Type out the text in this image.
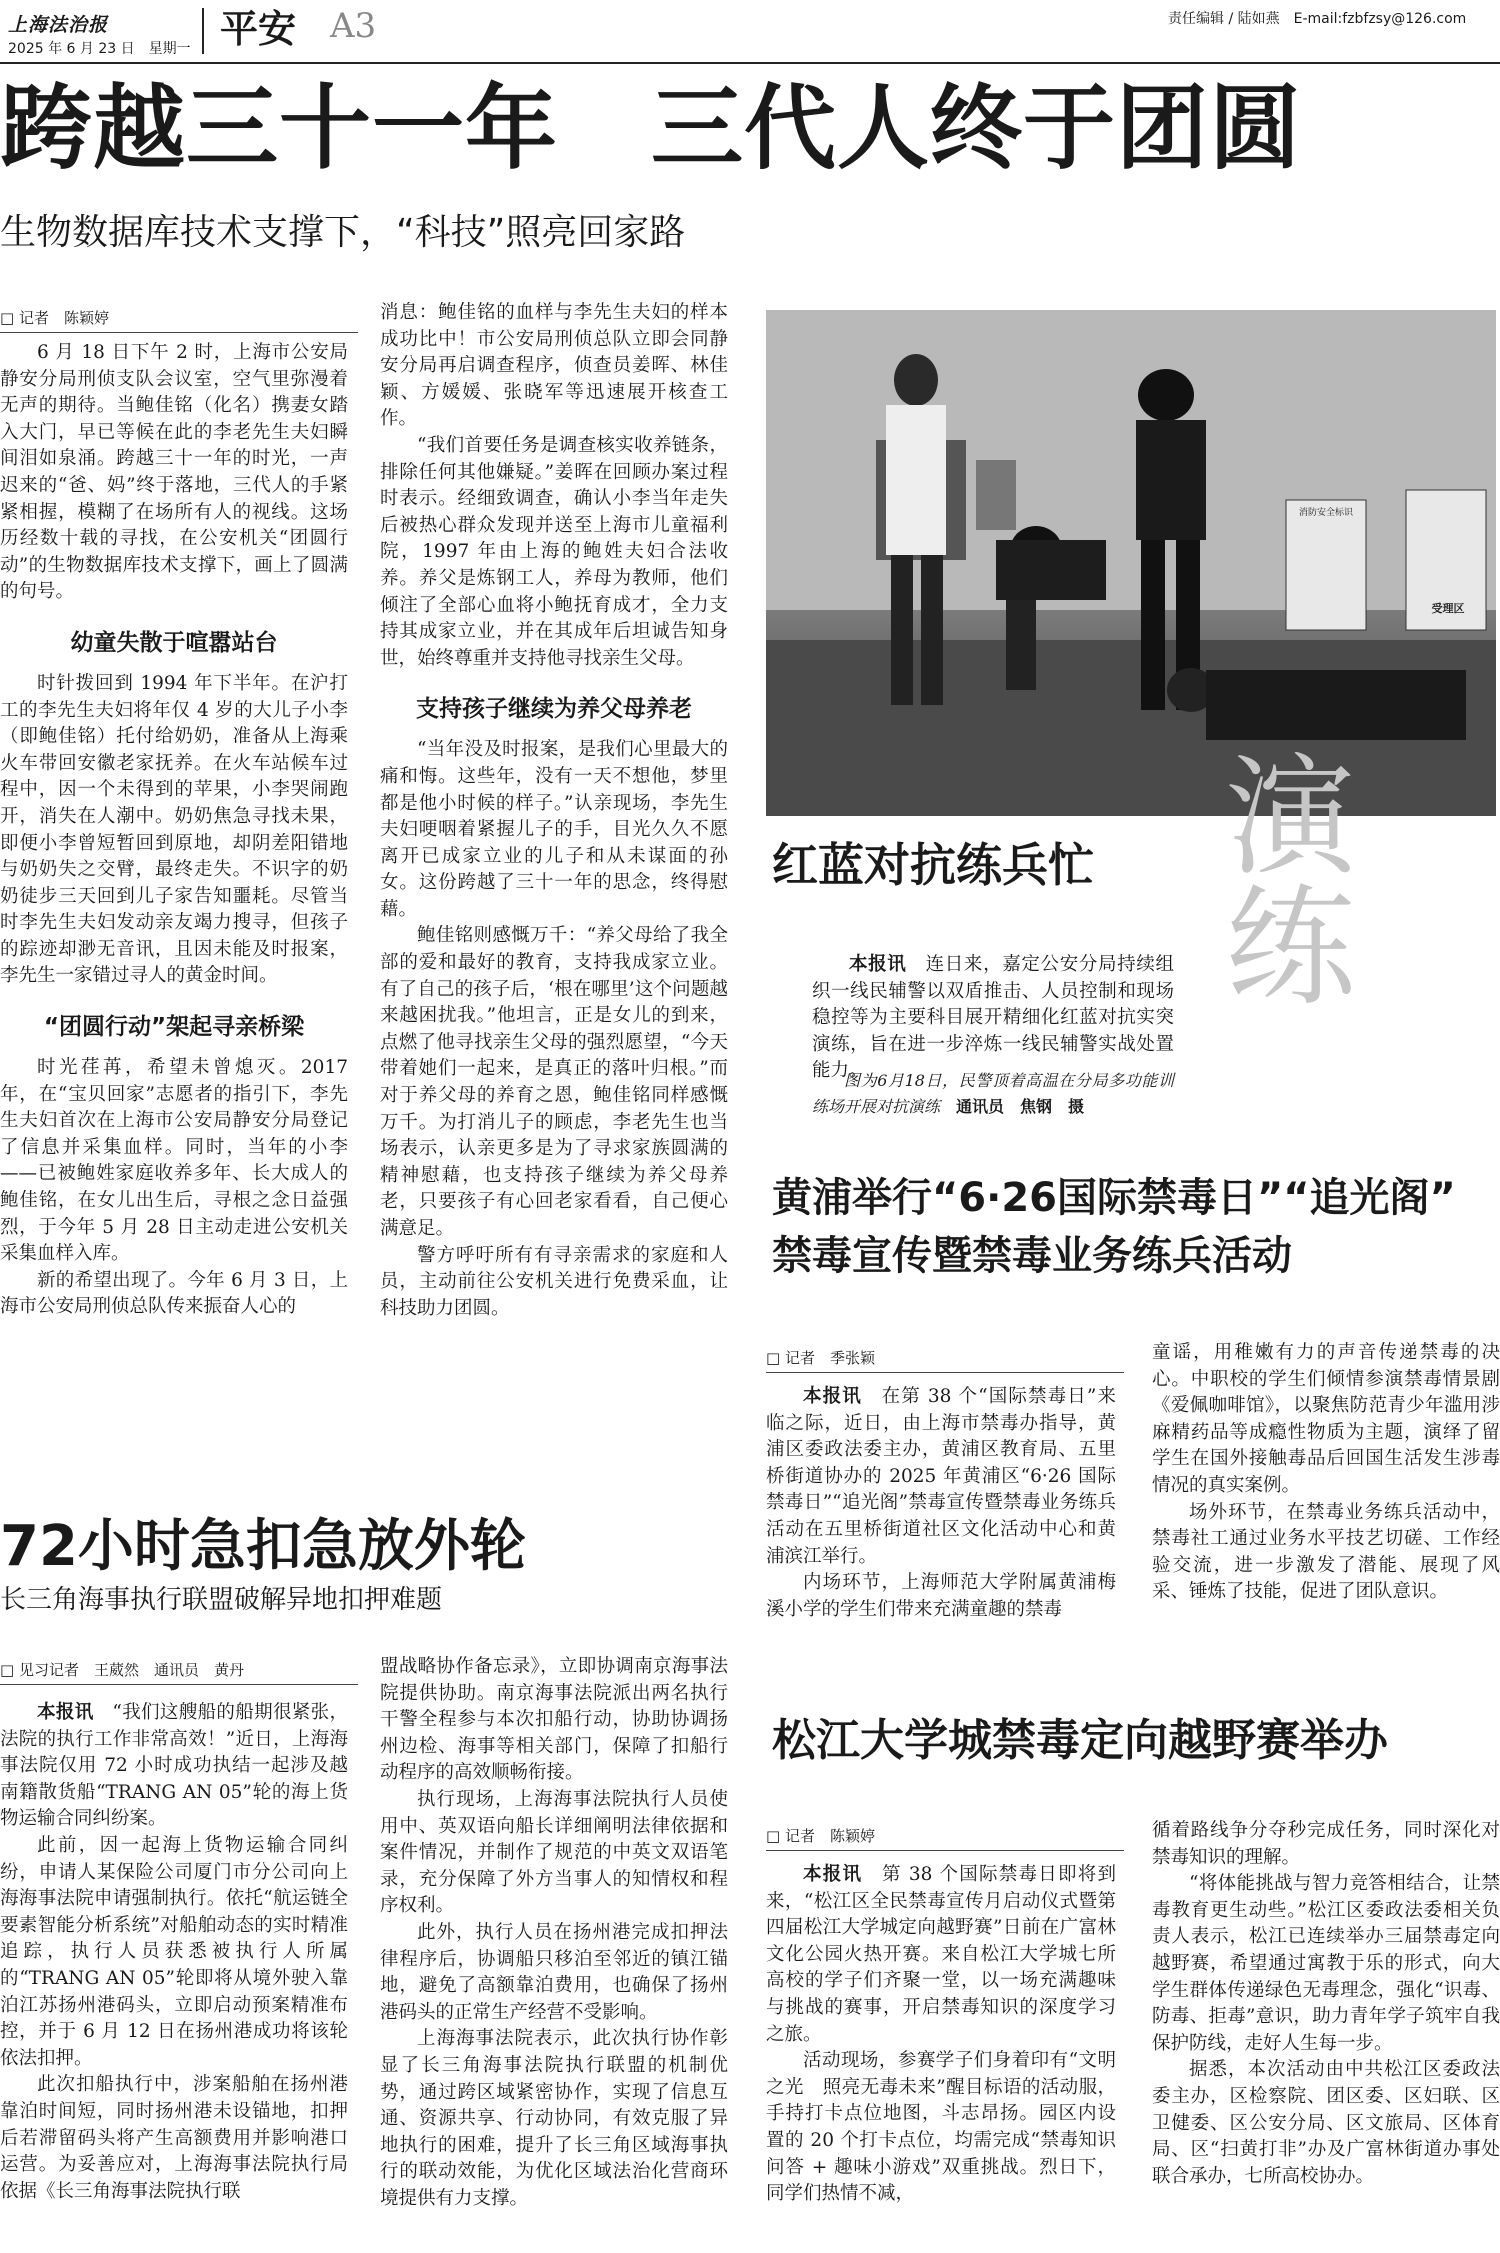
上海法治报
2025 年 6 月 23 日　星期一 平安 A3	责任编辑 / 陆如燕　E-mail:fzbfzsy@126.com
跨越三十一年　三代人终于团圆
生物数据库技术支撑下，“科技”照亮回家路
□ 记者　陈颖婷

6 月 18 日下午 2 时，上海市公安局静安分局刑侦支队会议室，空气里弥漫着无声的期待。当鲍佳铭（化名）携妻女踏入大门，早已等候在此的李老先生夫妇瞬间泪如泉涌。跨越三十一年的时光，一声迟来的“爸、妈”终于落地，三代人的手紧紧相握，模糊了在场所有人的视线。这场历经数十载的寻找，在公安机关“团圆行动”的生物数据库技术支撑下，画上了圆满的句号。

幼童失散于喧嚣站台

时针拨回到 1994 年下半年。在沪打工的李先生夫妇将年仅 4 岁的大儿子小李（即鲍佳铭）托付给奶奶，准备从上海乘火车带回安徽老家抚养。在火车站候车过程中，因一个未得到的苹果，小李哭闹跑开，消失在人潮中。奶奶焦急寻找未果，即便小李曾短暂回到原地，却阴差阳错地与奶奶失之交臂，最终走失。不识字的奶奶徒步三天回到儿子家告知噩耗。尽管当时李先生夫妇发动亲友竭力搜寻，但孩子的踪迹却渺无音讯，且因未能及时报案，李先生一家错过寻人的黄金时间。

“团圆行动”架起寻亲桥梁

时光荏苒，希望未曾熄灭。2017 年，在“宝贝回家”志愿者的指引下，李先生夫妇首次在上海市公安局静安分局登记了信息并采集血样。同时，当年的小李——已被鲍姓家庭收养多年、长大成人的鲍佳铭，在女儿出生后，寻根之念日益强烈，于今年 5 月 28 日主动走进公安机关采集血样入库。

新的希望出现了。今年 6 月 3 日，上海市公安局刑侦总队传来振奋人心的

消息：鲍佳铭的血样与李先生夫妇的样本成功比中！市公安局刑侦总队立即会同静安分局再启调查程序，侦查员姜晖、林佳颖、方媛媛、张晓军等迅速展开核查工作。

“我们首要任务是调查核实收养链条，排除任何其他嫌疑。”姜晖在回顾办案过程时表示。经细致调查，确认小李当年走失后被热心群众发现并送至上海市儿童福利院，1997 年由上海的鲍姓夫妇合法收养。养父是炼钢工人，养母为教师，他们倾注了全部心血将小鲍抚育成才，全力支持其成家立业，并在其成年后坦诚告知身世，始终尊重并支持他寻找亲生父母。

支持孩子继续为养父母养老

“当年没及时报案，是我们心里最大的痛和悔。这些年，没有一天不想他，梦里都是他小时候的样子。”认亲现场，李先生夫妇哽咽着紧握儿子的手，目光久久不愿离开已成家立业的儿子和从未谋面的孙女。这份跨越了三十一年的思念，终得慰藉。

鲍佳铭则感慨万千：“养父母给了我全部的爱和最好的教育，支持我成家立业。有了自己的孩子后，‘根在哪里’这个问题越来越困扰我。”他坦言，正是女儿的到来，点燃了他寻找亲生父母的强烈愿望，“今天带着她们一起来，是真正的落叶归根。”而对于养父母的养育之恩，鲍佳铭同样感慨万千。为打消儿子的顾虑，李老先生也当场表示，认亲更多是为了寻求家族圆满的精神慰藉，也支持孩子继续为养父母养老，只要孩子有心回老家看看，自己便心满意足。

警方呼吁所有有寻亲需求的家庭和人员，主动前往公安机关进行免费采血，让科技助力团圆。

消防安全标识
受理区
演练
红蓝对抗练兵忙
本报讯　 连日来，嘉定公安分局持续组织一线民辅警以双盾推击、人员控制和现场稳控等为主要科目展开精细化红蓝对抗实突演练，旨在进一步淬炼一线民辅警实战处置能力。
图为6月18日，民警顶着高温在分局多功能训练场开展对抗演练　 通讯员　焦钢　摄
黄浦举行“6·26国际禁毒日”“追光阁”
禁毒宣传暨禁毒业务练兵活动
□ 记者　季张颖

本报讯　 在第 38 个“国际禁毒日”来临之际，近日，由上海市禁毒办指导，黄浦区委政法委主办，黄浦区教育局、五里桥街道协办的 2025 年黄浦区“6·26 国际禁毒日”“追光阁”禁毒宣传暨禁毒业务练兵活动在五里桥街道社区文化活动中心和黄浦滨江举行。

内场环节，上海师范大学附属黄浦梅溪小学的学生们带来充满童趣的禁毒

童谣，用稚嫩有力的声音传递禁毒的决心。中职校的学生们倾情参演禁毒情景剧《爱佩咖啡馆》，以聚焦防范青少年滥用涉麻精药品等成瘾性物质为主题，演绎了留学生在国外接触毒品后回国生活发生涉毒情况的真实案例。

场外环节，在禁毒业务练兵活动中，禁毒社工通过业务水平技艺切磋、工作经验交流，进一步激发了潜能、展现了风采、锤炼了技能，促进了团队意识。

72小时急扣急放外轮
长三角海事执行联盟破解异地扣押难题
□ 见习记者　王葳然　通讯员　黄丹

本报讯　 “我们这艘船的船期很紧张，法院的执行工作非常高效！”近日，上海海事法院仅用 72 小时成功执结一起涉及越南籍散货船“TRANG AN 05”轮的海上货物运输合同纠纷案。

此前，因一起海上货物运输合同纠纷，申请人某保险公司厦门市分公司向上海海事法院申请强制执行。依托“航运链全要素智能分析系统”对船舶动态的实时精准追踪，执行人员获悉被执行人所属的“TRANG AN 05”轮即将从境外驶入靠泊江苏扬州港码头，立即启动预案精准布控，并于 6 月 12 日在扬州港成功将该轮依法扣押。

此次扣船执行中，涉案船舶在扬州港靠泊时间短，同时扬州港未设锚地，扣押后若滞留码头将产生高额费用并影响港口运营。为妥善应对，上海海事法院执行局依据《长三角海事法院执行联

盟战略协作备忘录》，立即协调南京海事法院提供协助。南京海事法院派出两名执行干警全程参与本次扣船行动，协助协调扬州边检、海事等相关部门，保障了扣船行动程序的高效顺畅衔接。

执行现场，上海海事法院执行人员使用中、英双语向船长详细阐明法律依据和案件情况，并制作了规范的中英文双语笔录，充分保障了外方当事人的知情权和程序权利。

此外，执行人员在扬州港完成扣押法律程序后，协调船只移泊至邻近的镇江锚地，避免了高额靠泊费用，也确保了扬州港码头的正常生产经营不受影响。

上海海事法院表示，此次执行协作彰显了长三角海事法院执行联盟的机制优势，通过跨区域紧密协作，实现了信息互通、资源共享、行动协同，有效克服了异地执行的困难，提升了长三角区域海事执行的联动效能，为优化区域法治化营商环境提供有力支撑。

松江大学城禁毒定向越野赛举办
□ 记者　陈颖婷

本报讯　 第 38 个国际禁毒日即将到来，“松江区全民禁毒宣传月启动仪式暨第四届松江大学城定向越野赛”日前在广富林文化公园火热开赛。来自松江大学城七所高校的学子们齐聚一堂，以一场充满趣味与挑战的赛事，开启禁毒知识的深度学习之旅。

活动现场，参赛学子们身着印有“文明之光　照亮无毒未来”醒目标语的活动服，手持打卡点位地图，斗志昂扬。园区内设置的 20 个打卡点位，均需完成“禁毒知识问答 + 趣味小游戏”双重挑战。烈日下，同学们热情不减，

循着路线争分夺秒完成任务，同时深化对禁毒知识的理解。

“将体能挑战与智力竞答相结合，让禁毒教育更生动些。”松江区委政法委相关负责人表示，松江已连续举办三届禁毒定向越野赛，希望通过寓教于乐的形式，向大学生群体传递绿色无毒理念，强化“识毒、防毒、拒毒”意识，助力青年学子筑牢自我保护防线，走好人生每一步。

据悉，本次活动由中共松江区委政法委主办，区检察院、团区委、区妇联、区卫健委、区公安分局、区文旅局、区体育局、区“扫黄打非”办及广富林街道办事处联合承办，七所高校协办。
